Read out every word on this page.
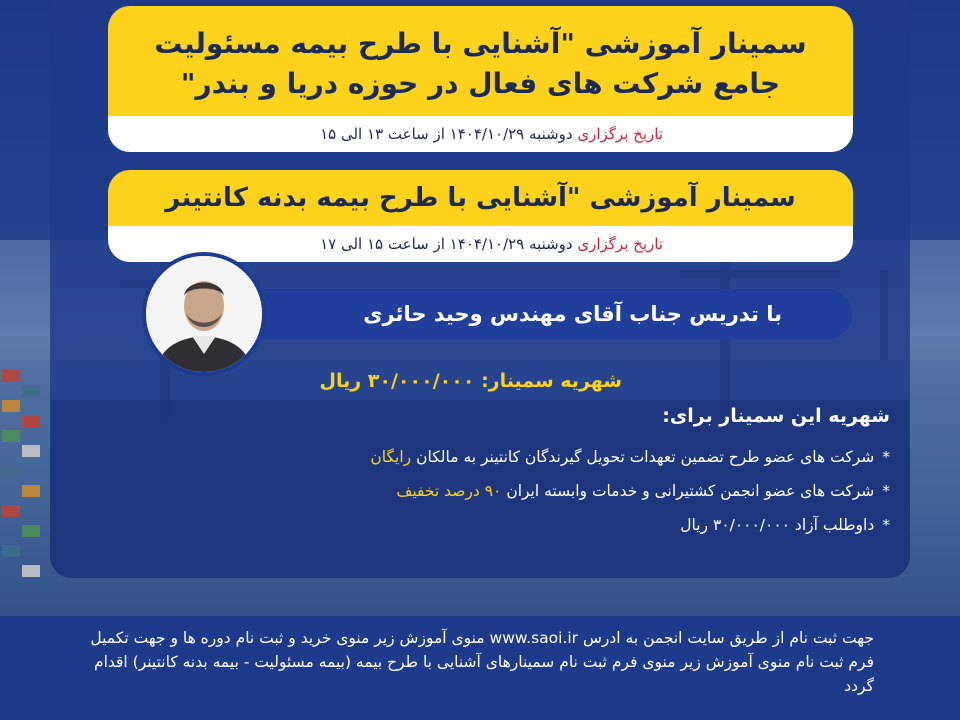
سمینار آموزشی "آشنایی با طرح بیمه مسئولیت
جامع شرکت های فعال در حوزه دریا و بندر"
تاریخ برگزاری دوشنبه ۱۴۰۴/۱۰/۲۹ از ساعت ۱۳ الی ۱۵
سمینار آموزشی "آشنایی با طرح بیمه بدنه کانتینر
تاریخ برگزاری دوشنبه ۱۴۰۴/۱۰/۲۹ از ساعت ۱۵ الی ۱۷
با تدریس جناب آقای مهندس وحید حائری
شهریه سمینار: ۳۰/۰۰۰/۰۰۰ ریال
شهریه این سمینار برای:
*شرکت های عضو طرح تضمین تعهدات تحویل گیرندگان کانتینر به مالکان رایگان
*شرکت های عضو انجمن کشتیرانی و خدمات وابسته ایران ۹۰ درصد تخفیف
*داوطلب آزاد ۳۰/۰۰۰/۰۰۰ ریال

جهت ثبت نام از طریق سایت انجمن به ادرس www.saoi.ir منوی آموزش زیر منوی خرید و ثبت نام دوره ها و جهت تکمیل فرم ثبت نام منوی آموزش زیر منوی فرم ثبت نام سمینارهای آشنایی با طرح بیمه (بیمه مسئولیت - بیمه بدنه کانتینر) اقدام گردد
